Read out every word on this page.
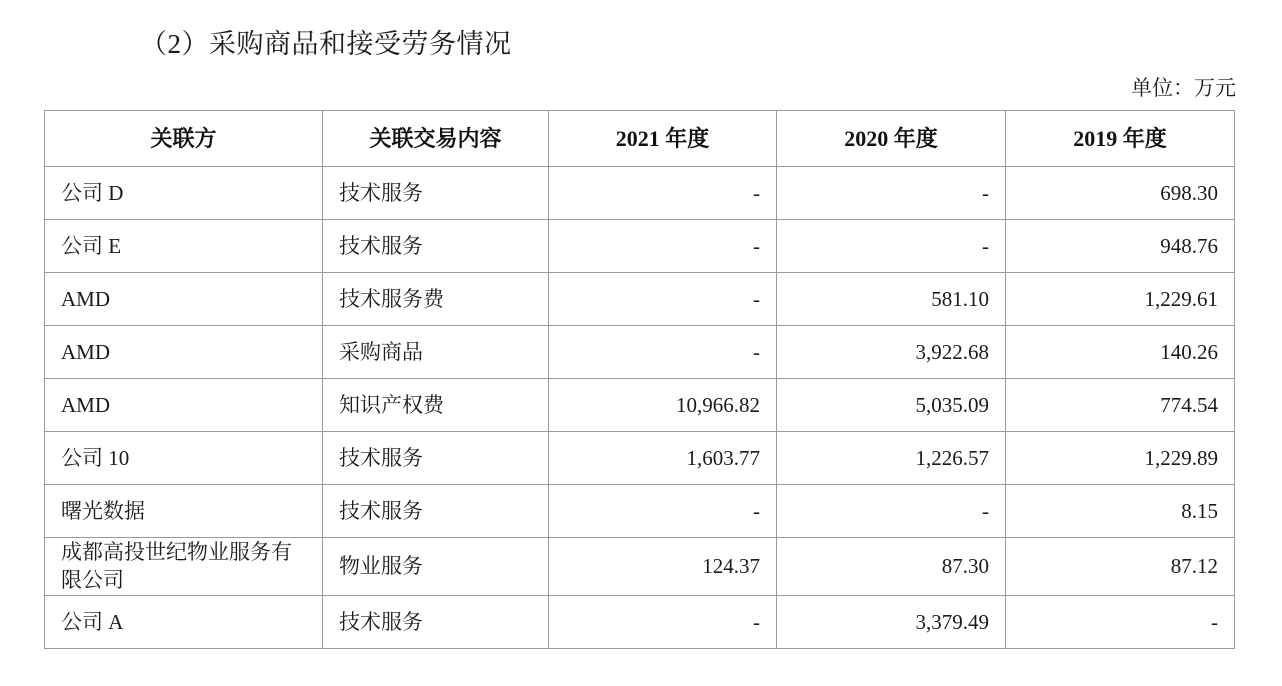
（2）采购商品和接受劳务情况
单位：万元
关联方	关联交易内容	2021 年度	2020 年度	2019 年度
公司 D	技术服务	-	-	698.30
公司 E	技术服务	-	-	948.76
AMD	技术服务费	-	581.10	1,229.61
AMD	采购商品	-	3,922.68	140.26
AMD	知识产权费	10,966.82	5,035.09	774.54
公司 10	技术服务	1,603.77	1,226.57	1,229.89
曙光数据	技术服务	-	-	8.15

成都高投世纪物业服务有限公司	物业服务	124.37	87.30	87.12
公司 A	技术服务	-	3,379.49	-
